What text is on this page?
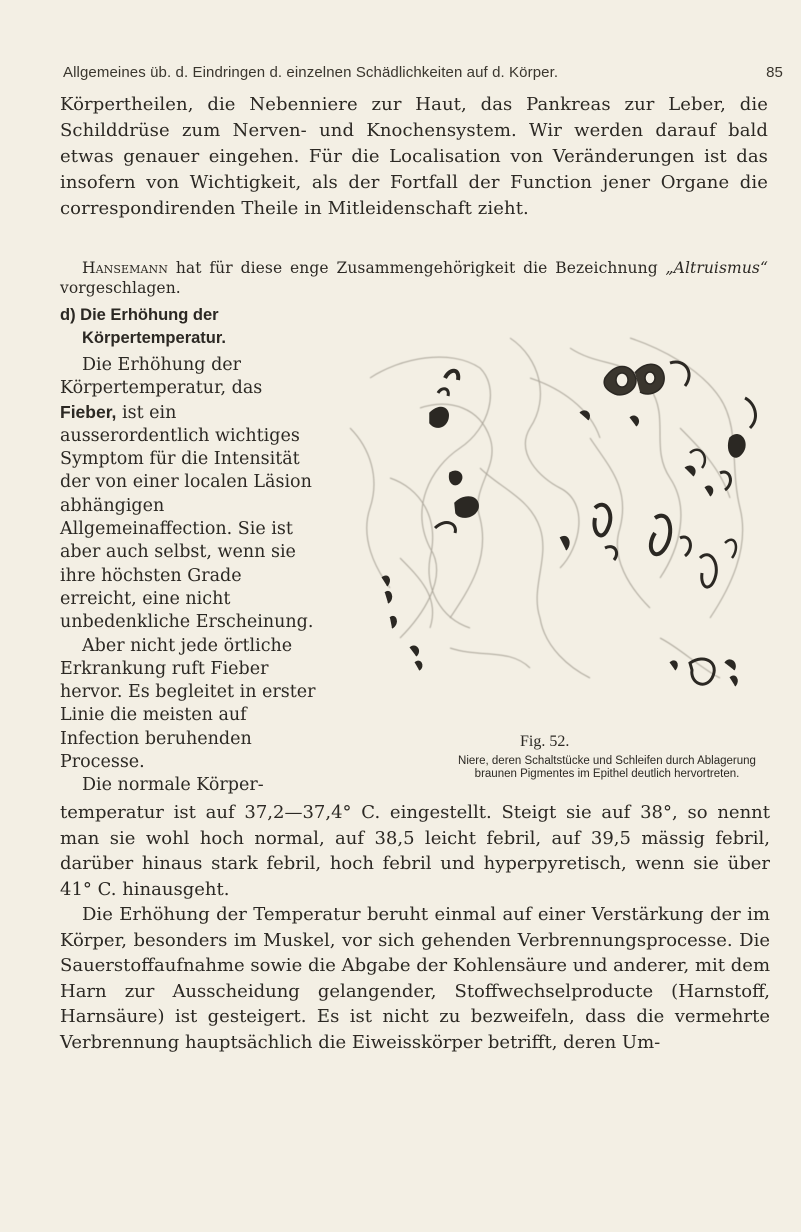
Allgemeines üb. d. Eindringen d. einzelnen Schädlichkeiten auf d. Körper.	85
Körpertheilen, die Nebenniere zur Haut, das Pankreas zur Leber, die Schilddrüse zum Nerven- und Knochensystem. Wir werden darauf bald etwas genauer eingehen. Für die Localisation von Veränderungen ist das insofern von Wichtigkeit, als der Fortfall der Function jener Organe die correspondirenden Theile in Mitleidenschaft zieht.
Hansemann hat für diese enge Zusammengehörigkeit die Bezeichnung „Altruismus“ vorgeschlagen.
d) Die Erhöhung der
Körpertemperatur.

Die Erhöhung der Körpertemperatur, das Fieber, ist ein ausserordentlich wichtiges Symptom für die Intensität der von einer localen Läsion abhängigen Allgemeinaffection. Sie ist aber auch selbst, wenn sie ihre höchsten Grade erreicht, eine nicht unbedenkliche Erscheinung.

Aber nicht jede örtliche Erkrankung ruft Fieber hervor. Es begleitet in erster Linie die meisten auf Infection beruhenden Processe.

Die normale Körper-

Fig. 52.
Niere, deren Schaltstücke und Schleifen durch Ablagerung braunen Pigmentes im Epithel deutlich hervortreten.

temperatur ist auf 37,2—37,4° C. eingestellt. Steigt sie auf 38°, so nennt man sie wohl hoch normal, auf 38,5 leicht febril, auf 39,5 mässig febril, darüber hinaus stark febril, hoch febril und hyperpyretisch, wenn sie über 41° C. hinausgeht.

Die Erhöhung der Temperatur beruht einmal auf einer Verstärkung der im Körper, besonders im Muskel, vor sich gehenden Verbrennungsprocesse. Die Sauerstoffaufnahme sowie die Abgabe der Kohlensäure und anderer, mit dem Harn zur Ausscheidung gelangender, Stoffwechselproducte (Harnstoff, Harnsäure) ist gesteigert. Es ist nicht zu bezweifeln, dass die vermehrte Verbrennung hauptsächlich die Eiweisskörper betrifft, deren Um-
